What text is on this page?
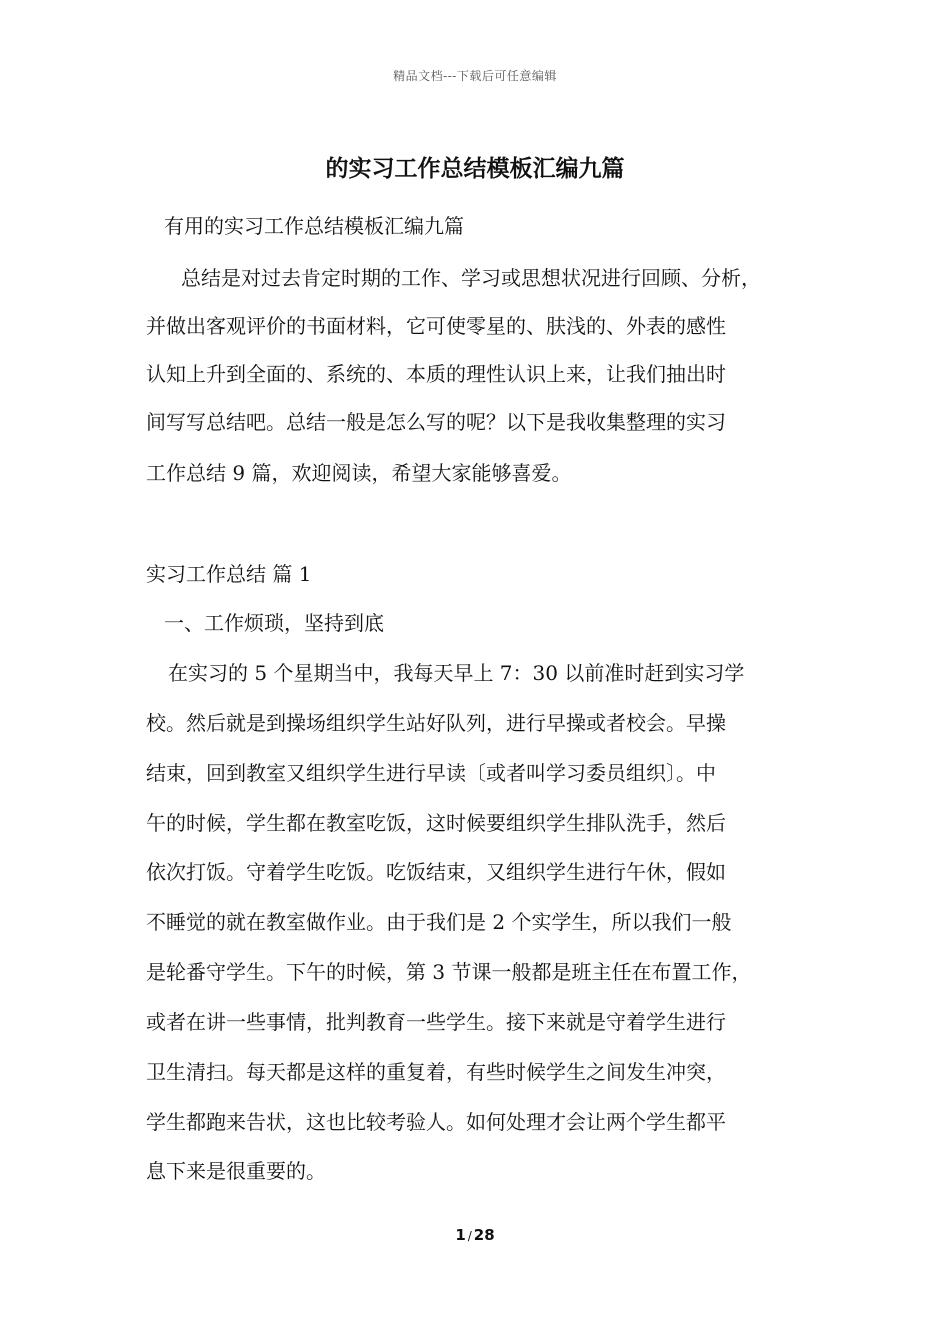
精品文档---下载后可任意编辑
的实习工作总结模板汇编九篇
有用的实习工作总结模板汇编九篇
总结是对过去肯定时期的工作、学习或思想状况进行回顾、分析，
并做出客观评价的书面材料，它可使零星的、肤浅的、外表的感性
认知上升到全面的、系统的、本质的理性认识上来，让我们抽出时
间写写总结吧。总结一般是怎么写的呢？以下是我收集整理的实习
工作总结 9 篇，欢迎阅读，希望大家能够喜爱。
实习工作总结 篇 1
一、工作烦琐，坚持到底
在实习的 5 个星期当中，我每天早上 7：30 以前准时赶到实习学
校。然后就是到操场组织学生站好队列，进行早操或者校会。早操
结束，回到教室又组织学生进行早读〔或者叫学习委员组织〕。中
午的时候，学生都在教室吃饭，这时候要组织学生排队洗手，然后
依次打饭。守着学生吃饭。吃饭结束，又组织学生进行午休，假如
不睡觉的就在教室做作业。由于我们是 2 个实学生，所以我们一般
是轮番守学生。下午的时候，第 3 节课一般都是班主任在布置工作，
或者在讲一些事情，批判教育一些学生。接下来就是守着学生进行
卫生清扫。每天都是这样的重复着，有些时候学生之间发生冲突，
学生都跑来告状，这也比较考验人。如何处理才会让两个学生都平
息下来是很重要的。
1 / 28
